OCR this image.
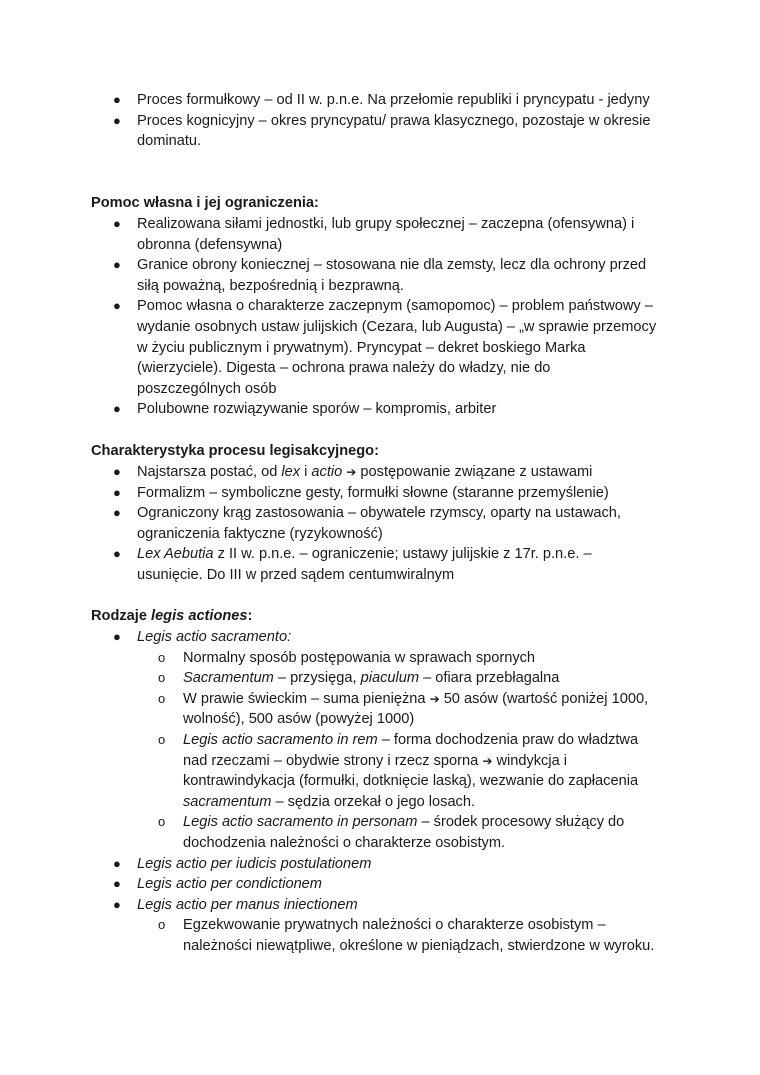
●	Proces formułkowy – od II w. p.n.e. Na przełomie republiki i pryncypatu - jedyny
●	Proces kognicyjny – okres pryncypatu/ prawa klasycznego, pozostaje w okresie dominatu.

Pomoc własna i jej ograniczenia:

●	Realizowana siłami jednostki, lub grupy społecznej – zaczepna (ofensywna) i obronna (defensywna)
●	Granice obrony koniecznej – stosowana nie dla zemsty, lecz dla ochrony przed siłą poważną, bezpośrednią i bezprawną.
●	Pomoc własna o charakterze zaczepnym (samopomoc) – problem państwowy – wydanie osobnych ustaw julijskich (Cezara, lub Augusta) – „w sprawie przemocy w życiu publicznym i prywatnym). Pryncypat – dekret boskiego Marka (wierzyciele). Digesta – ochrona prawa należy do władzy, nie do poszczególnych osób
●	Polubowne rozwiązywanie sporów – kompromis, arbiter

Charakterystyka procesu legisakcyjnego:

●	Najstarsza postać, od lex i actio ➔ postępowanie związane z ustawami
●	Formalizm – symboliczne gesty, formułki słowne (staranne przemyślenie)
●	Ograniczony krąg zastosowania – obywatele rzymscy, oparty na ustawach, ograniczenia faktyczne (ryzykowność)
●	Lex Aebutia z II w. p.n.e. – ograniczenie; ustawy julijskie z 17r. p.n.e. – usunięcie. Do III w przed sądem centumwiralnym

Rodzaje legis actiones:

●	Legis actio sacramento:
o Normalny sposób postępowania w sprawach spornych
o Sacramentum – przysięga, piaculum – ofiara przebłagalna
o W prawie świeckim – suma pieniężna ➔ 50 asów (wartość poniżej 1000, wolność), 500 asów (powyżej 1000)
o Legis actio sacramento in rem – forma dochodzenia praw do władztwa nad rzeczami – obydwie strony i rzecz sporna ➔ windykcja i kontrawindykacja (formułki, dotknięcie laską), wezwanie do zapłacenia sacramentum – sędzia orzekał o jego losach.
o Legis actio sacramento in personam – środek procesowy służący do dochodzenia należności o charakterze osobistym.
●	Legis actio per iudicis postulationem
●	Legis actio per condictionem
●	Legis actio per manus iniectionem
o Egzekwowanie prywatnych należności o charakterze osobistym – należności niewątpliwe, określone w pieniądzach, stwierdzone w wyroku.
